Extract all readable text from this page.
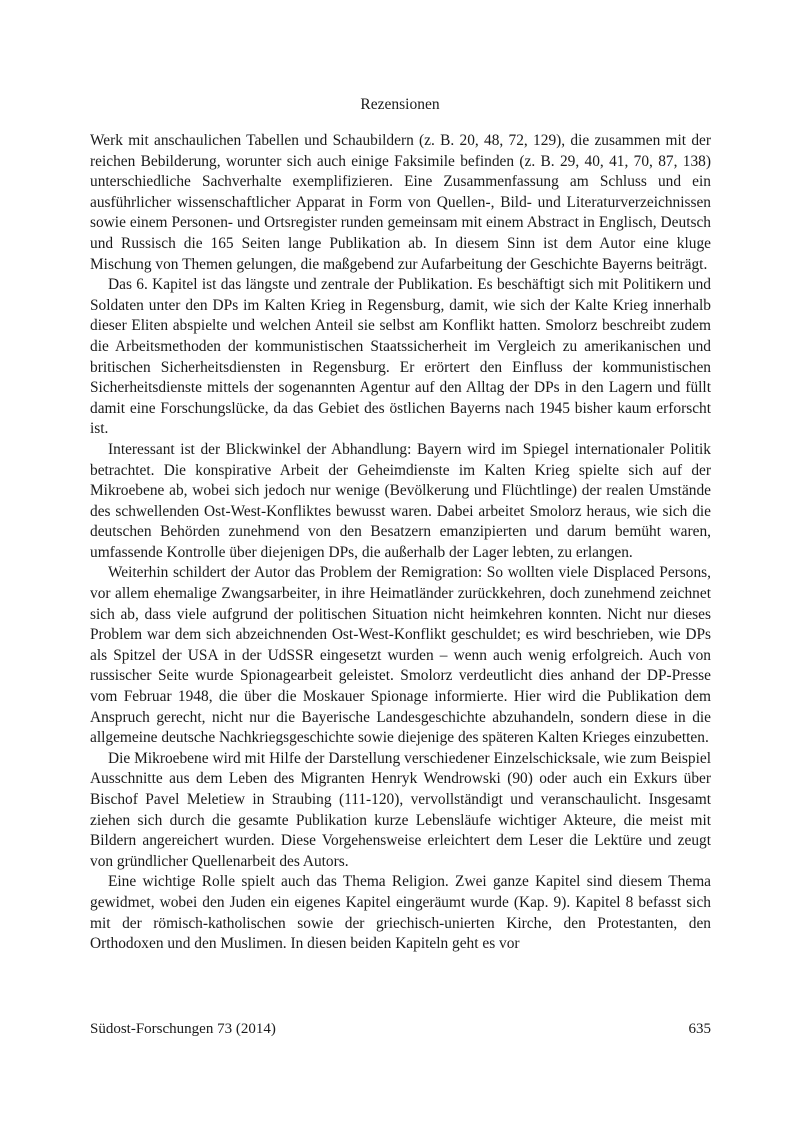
Rezensionen

Werk mit anschaulichen Tabellen und Schaubildern (z. B. 20, 48, 72, 129), die zusammen mit der reichen Bebilderung, worunter sich auch einige Faksimile befinden (z. B. 29, 40, 41, 70, 87, 138) unterschiedliche Sachverhalte exemplifizieren. Eine Zusammenfassung am Schluss und ein ausführlicher wissenschaftlicher Apparat in Form von Quellen-, Bild- und Literaturverzeichnissen sowie einem Personen- und Ortsregister runden gemeinsam mit einem Abstract in Englisch, Deutsch und Russisch die 165 Seiten lange Publikation ab. In diesem Sinn ist dem Autor eine kluge Mischung von Themen gelungen, die maßgebend zur Aufarbeitung der Geschichte Bayerns beiträgt.

Das 6. Kapitel ist das längste und zentrale der Publikation. Es beschäftigt sich mit Politikern und Soldaten unter den DPs im Kalten Krieg in Regensburg, damit, wie sich der Kalte Krieg innerhalb dieser Eliten abspielte und welchen Anteil sie selbst am Konflikt hatten. Smolorz beschreibt zudem die Arbeitsmethoden der kommunistischen Staatssicherheit im Vergleich zu amerikanischen und britischen Sicherheitsdiensten in Regensburg. Er erörtert den Einfluss der kommunistischen Sicherheitsdienste mittels der sogenannten Agentur auf den Alltag der DPs in den Lagern und füllt damit eine Forschungslücke, da das Gebiet des östlichen Bayerns nach 1945 bisher kaum erforscht ist.

Interessant ist der Blickwinkel der Abhandlung: Bayern wird im Spiegel internationaler Politik betrachtet. Die konspirative Arbeit der Geheimdienste im Kalten Krieg spielte sich auf der Mikroebene ab, wobei sich jedoch nur wenige (Bevölkerung und Flüchtlinge) der realen Umstände des schwellenden Ost-West-Konfliktes bewusst waren. Dabei arbeitet Smolorz heraus, wie sich die deutschen Behörden zunehmend von den Besatzern emanzipierten und darum bemüht waren, umfassende Kontrolle über diejenigen DPs, die außerhalb der Lager lebten, zu erlangen.

Weiterhin schildert der Autor das Problem der Remigration: So wollten viele Displaced Persons, vor allem ehemalige Zwangsarbeiter, in ihre Heimatländer zurückkehren, doch zunehmend zeichnet sich ab, dass viele aufgrund der politischen Situation nicht heimkehren konnten. Nicht nur dieses Problem war dem sich abzeichnenden Ost-West-Konflikt geschuldet; es wird beschrieben, wie DPs als Spitzel der USA in der UdSSR eingesetzt wurden – wenn auch wenig erfolgreich. Auch von russischer Seite wurde Spionagearbeit geleistet. Smolorz verdeutlicht dies anhand der DP-Presse vom Februar 1948, die über die Moskauer Spionage informierte. Hier wird die Publikation dem Anspruch gerecht, nicht nur die Bayerische Landesgeschichte abzuhandeln, sondern diese in die allgemeine deutsche Nachkriegsgeschichte sowie diejenige des späteren Kalten Krieges einzubetten.

Die Mikroebene wird mit Hilfe der Darstellung verschiedener Einzelschicksale, wie zum Beispiel Ausschnitte aus dem Leben des Migranten Henryk Wendrowski (90) oder auch ein Exkurs über Bischof Pavel Meletiew in Straubing (111-120), vervollständigt und veranschaulicht. Insgesamt ziehen sich durch die gesamte Publikation kurze Lebensläufe wichtiger Akteure, die meist mit Bildern angereichert wurden. Diese Vorgehensweise erleichtert dem Leser die Lektüre und zeugt von gründlicher Quellenarbeit des Autors.

Eine wichtige Rolle spielt auch das Thema Religion. Zwei ganze Kapitel sind diesem Thema gewidmet, wobei den Juden ein eigenes Kapitel eingeräumt wurde (Kap. 9). Kapitel 8 befasst sich mit der römisch-katholischen sowie der griechisch-unierten Kirche, den Protestanten, den Orthodoxen und den Muslimen. In diesen beiden Kapiteln geht es vor

Südost-Forschungen 73 (2014)	635
